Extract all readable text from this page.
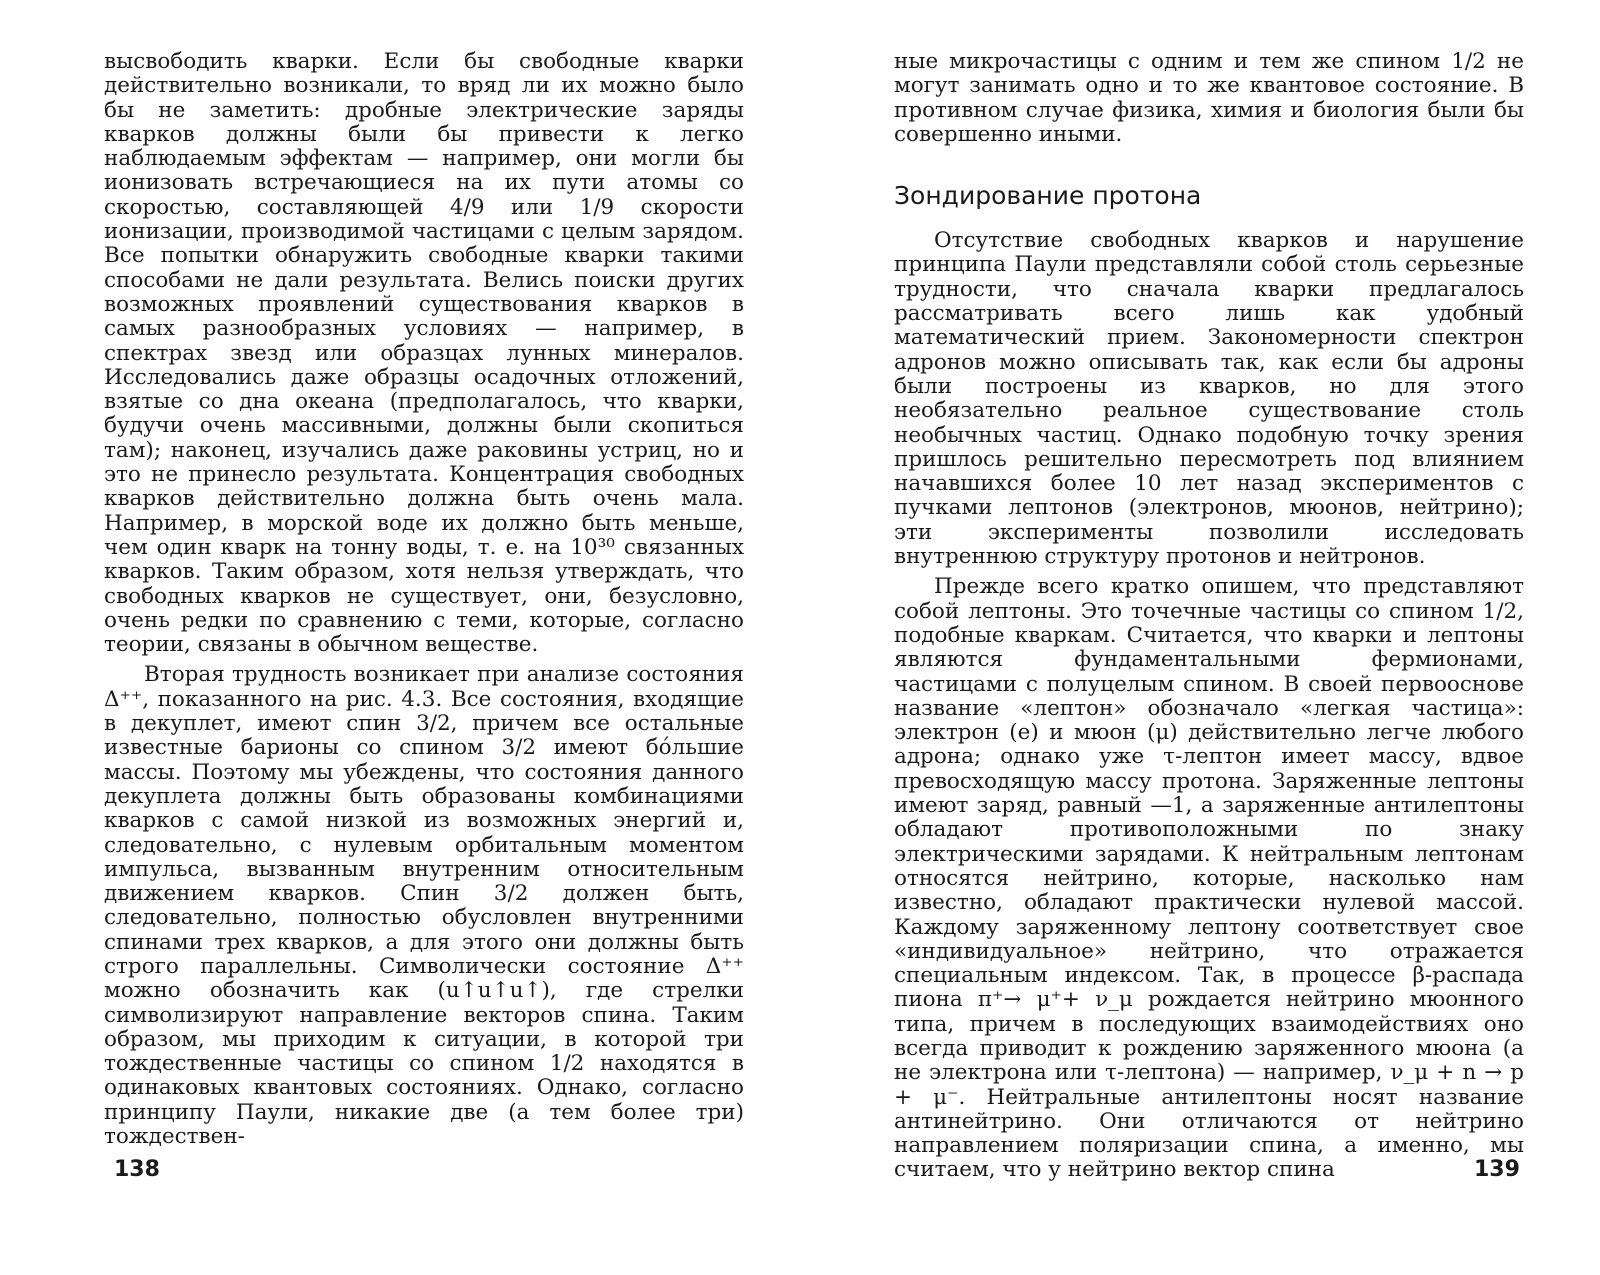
высвободить кварки. Если бы свободные кварки действительно возникали, то вряд ли их можно было бы не заметить: дробные электрические заряды кварков должны были бы привести к легко наблюдаемым эффектам — например, они могли бы ионизовать встречающиеся на их пути атомы со скоростью, составляющей 4/9 или 1/9 скорости ионизации, производимой частицами с целым зарядом. Все попытки обнаружить свободные кварки такими способами не дали результата. Велись поиски других возможных проявлений существования кварков в самых разнообразных условиях — например, в спектрах звезд или образцах лунных минералов. Исследовались даже образцы осадочных отложений, взятые со дна океана (предполагалось, что кварки, будучи очень массивными, должны были скопиться там); наконец, изучались даже раковины устриц, но и это не принесло результата. Концентрация свободных кварков действительно должна быть очень мала. Например, в морской воде их должно быть меньше, чем один кварк на тонну воды, т. е. на 10³⁰ связанных кварков. Таким образом, хотя нельзя утверждать, что свободных кварков не существует, они, безусловно, очень редки по сравнению с теми, которые, согласно теории, связаны в обычном веществе.

Вторая трудность возникает при анализе состояния Δ⁺⁺, показанного на рис. 4.3. Все состояния, входящие в декуплет, имеют спин 3/2, причем все остальные известные барионы со спином 3/2 имеют бо́льшие массы. Поэтому мы убеждены, что состояния данного декуплета должны быть образованы комбинациями кварков с самой низкой из возможных энергий и, следовательно, с нулевым орбитальным моментом импульса, вызванным внутренним относительным движением кварков. Спин 3/2 должен быть, следовательно, полностью обусловлен внутренними спинами трех кварков, а для этого они должны быть строго параллельны. Символически состояние Δ⁺⁺ можно обозначить как (u↑u↑u↑), где стрелки символизируют направление векторов спина. Таким образом, мы приходим к ситуации, в которой три тождественные частицы со спином 1/2 находятся в одинаковых квантовых состояниях. Однако, согласно принципу Паули, никакие две (а тем более три) тождествен-

138

ные микрочастицы с одним и тем же спином 1/2 не могут занимать одно и то же квантовое состояние. В противном случае физика, химия и биология были бы совершенно иными.

Зондирование протона

Отсутствие свободных кварков и нарушение принципа Паули представляли собой столь серьезные трудности, что сначала кварки предлагалось рассматривать всего лишь как удобный математический прием. Закономерности спектрон адронов можно описывать так, как если бы адроны были построены из кварков, но для этого необязательно реальное существование столь необычных частиц. Однако подобную точку зрения пришлось решительно пересмотреть под влиянием начавшихся более 10 лет назад экспериментов с пучками лептонов (электронов, мюонов, нейтрино); эти эксперименты позволили исследовать внутреннюю структуру протонов и нейтронов.

Прежде всего кратко опишем, что представляют собой лептоны. Это точечные частицы со спином 1/2, подобные кваркам. Считается, что кварки и лептоны являются фундаментальными фермионами, частицами с полуцелым спином. В своей первооснове название «лептон» обозначало «легкая частица»: электрон (e) и мюон (μ) действительно легче любого адрона; однако уже τ-лептон имеет массу, вдвое превосходящую массу протона. Заряженные лептоны имеют заряд, равный —1, а заряженные антилептоны обладают противоположными по знаку электрическими зарядами. К нейтральным лептонам относятся нейтрино, которые, насколько нам известно, обладают практически нулевой массой. Каждому заряженному лептону соответствует свое «индивидуальное» нейтрино, что отражается специальным индексом. Так, в процессе β-распада пиона π⁺→ μ⁺+ ν_μ рождается нейтрино мюонного типа, причем в последующих взаимодействиях оно всегда приводит к рождению заряженного мюона (а не электрона или τ-лептона) — например, ν_μ + n → p + μ⁻. Нейтральные антилептоны носят название антинейтрино. Они отличаются от нейтрино направлением поляризации спина, а именно, мы считаем, что у нейтрино вектор спина	139
